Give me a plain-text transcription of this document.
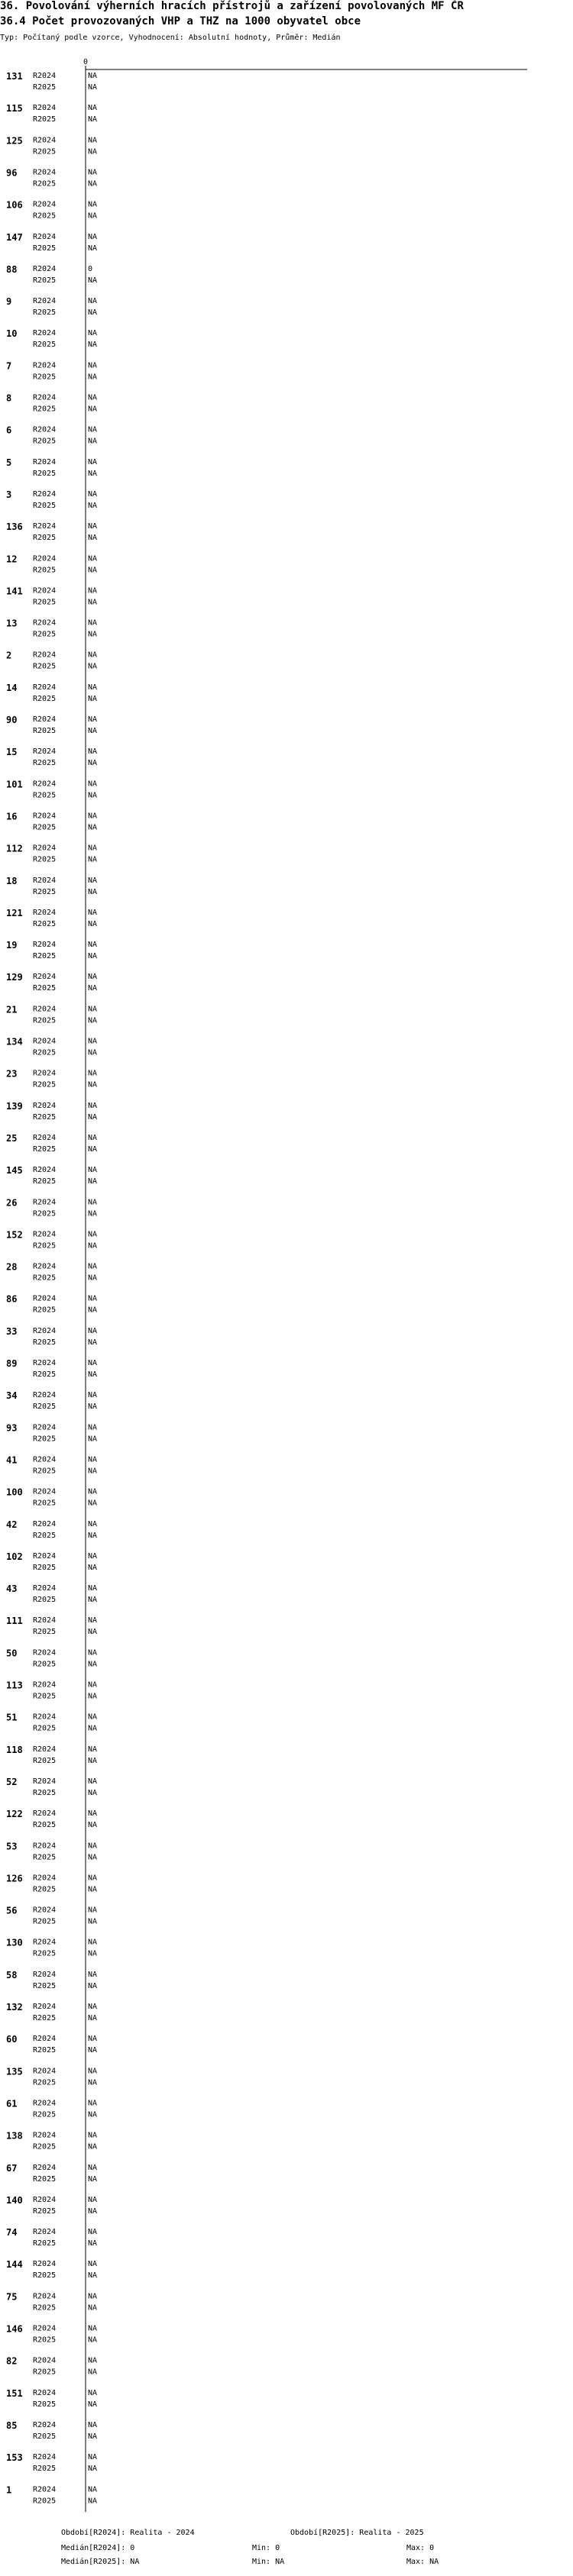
36. Povolování výherních hracích přístrojů a zařízení povolovaných MF ČR
36.4 Počet provozovaných VHP a THZ na 1000 obyvatel obce
Typ: Počítaný podle vzorce, Vyhodnocení: Absolutní hodnoty, Průměr: Medián
0
131 R2024	NA
R2025	NA
115 R2024	NA
R2025	NA
125 R2024	NA
R2025	NA
96 R2024	NA
R2025	NA
106 R2024	NA
R2025	NA
147 R2024	NA
R2025	NA
88 R2024	0
R2025	NA
9	R2024	NA
R2025	NA
10 R2024	NA
R2025	NA
7	R2024	NA
R2025	NA
8	R2024	NA
R2025	NA
6	R2024	NA
R2025	NA
5	R2024	NA
R2025	NA
3	R2024	NA
R2025	NA
136 R2024	NA
R2025	NA
12 R2024	NA
R2025	NA
141 R2024	NA
R2025	NA
13 R2024	NA
R2025	NA
2	R2024	NA
R2025	NA
14 R2024	NA
R2025	NA
90 R2024	NA
R2025	NA
15 R2024	NA
R2025	NA
101 R2024	NA
R2025	NA
16 R2024	NA
R2025	NA
112 R2024	NA
R2025	NA
18 R2024	NA
R2025	NA
121 R2024	NA
R2025	NA
19 R2024	NA
R2025	NA
129 R2024	NA
R2025	NA
21 R2024	NA
R2025	NA
134 R2024	NA
R2025	NA
23 R2024	NA
R2025	NA
139 R2024	NA
R2025	NA
25 R2024	NA
R2025	NA
145 R2024	NA
R2025	NA
26 R2024	NA
R2025	NA
152 R2024	NA
R2025	NA
28 R2024	NA
R2025	NA
86 R2024	NA
R2025	NA
33 R2024	NA
R2025	NA
89 R2024	NA
R2025	NA
34 R2024	NA
R2025	NA
93 R2024	NA
R2025	NA
41 R2024	NA
R2025	NA
100 R2024	NA
R2025	NA
42 R2024	NA
R2025	NA
102 R2024	NA
R2025	NA
43 R2024	NA
R2025	NA
111 R2024	NA
R2025	NA
50 R2024	NA
R2025	NA
113 R2024	NA
R2025	NA
51 R2024	NA
R2025	NA
118 R2024	NA
R2025	NA
52 R2024	NA
R2025	NA
122 R2024	NA
R2025	NA
53 R2024	NA
R2025	NA
126 R2024	NA
R2025	NA
56 R2024	NA
R2025	NA
130 R2024	NA
R2025	NA
58 R2024	NA
R2025	NA
132 R2024	NA
R2025	NA
60 R2024	NA
R2025	NA
135 R2024	NA
R2025	NA
61 R2024	NA
R2025	NA
138 R2024	NA
R2025	NA
67 R2024	NA
R2025	NA
140 R2024	NA
R2025	NA
74 R2024	NA
R2025	NA
144 R2024	NA
R2025	NA
75 R2024	NA
R2025	NA
146 R2024	NA
R2025	NA
82 R2024	NA
R2025	NA
151 R2024	NA
R2025	NA
85 R2024	NA
R2025	NA
153 R2024	NA
R2025	NA
1	R2024	NA
R2025	NA
Období[R2024]: Realita - 2024	Období[R2025]: Realita - 2025
Medián[R2024]: 0	Min: 0	Max: 0
Medián[R2025]: NA	Min: NA	Max: NA
